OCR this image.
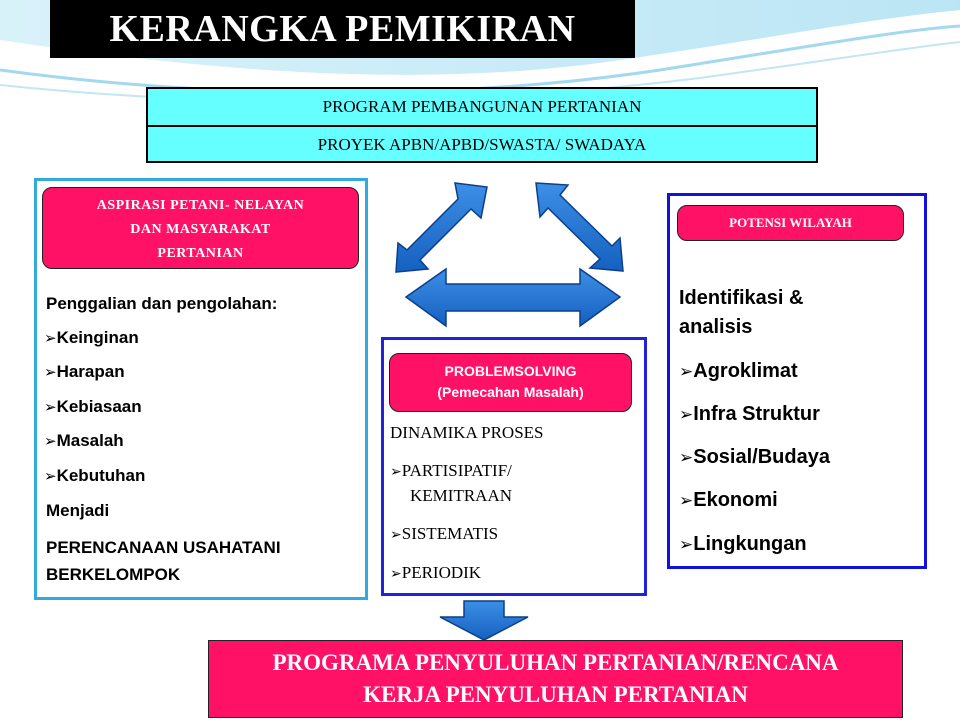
KERANGKA PEMIKIRAN
PROGRAM PEMBANGUNAN PERTANIAN
PROYEK APBN/APBD/SWASTA/ SWADAYA
ASPIRASI PETANI- NELAYAN
DAN MASYARAKAT
PERTANIAN
Penggalian dan pengolahan:
➢Keinginan
➢Harapan
➢Kebiasaan
➢Masalah
➢Kebutuhan
Menjadi
PERENCANAAN USAHATANI
BERKELOMPOK
PROBLEMSOLVING
(Pemecahan Masalah)
DINAMIKA PROSES
➢PARTISIPATIF/
KEMITRAAN
➢SISTEMATIS
➢PERIODIK
POTENSI WILAYAH
Identifikasi &
analisis
➢Agroklimat
➢Infra Struktur
➢Sosial/Budaya
➢Ekonomi
➢Lingkungan
PROGRAMA PENYULUHAN PERTANIAN/RENCANA
KERJA PENYULUHAN PERTANIAN
